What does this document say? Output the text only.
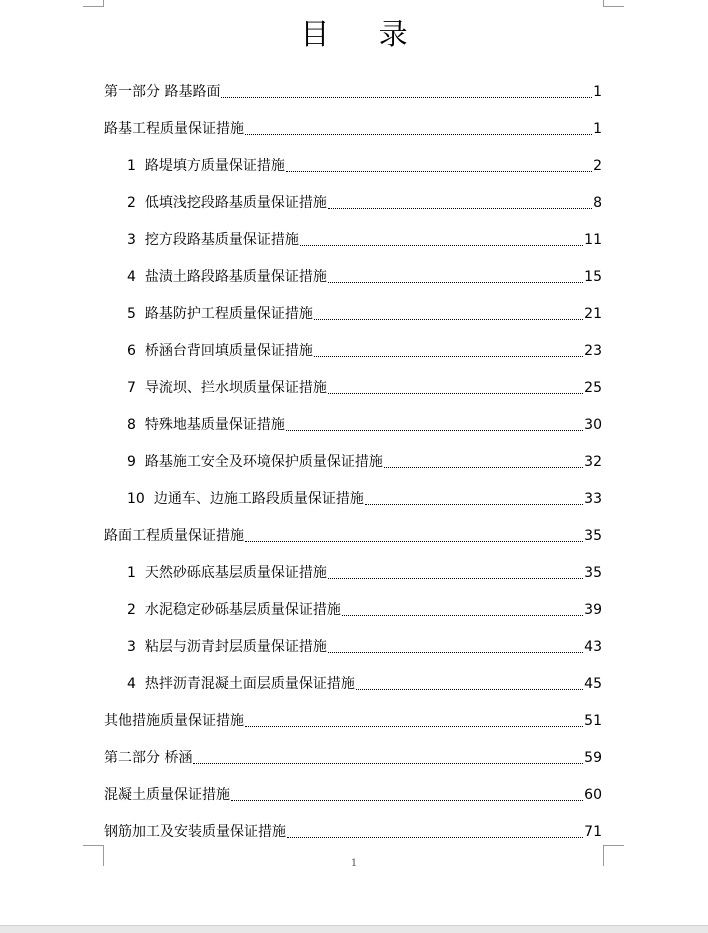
目 录
第一部分 路基路面	1
路基工程质量保证措施	1
1 路堤填方质量保证措施	2
2 低填浅挖段路基质量保证措施	8
3 挖方段路基质量保证措施	11
4 盐渍土路段路基质量保证措施	15
5 路基防护工程质量保证措施	21
6 桥涵台背回填质量保证措施	23
7 导流坝、拦水坝质量保证措施	25
8 特殊地基质量保证措施	30
9 路基施工安全及环境保护质量保证措施	32
10 边通车、边施工路段质量保证措施	33
路面工程质量保证措施	35
1 天然砂砾底基层质量保证措施	35
2 水泥稳定砂砾基层质量保证措施	39
3 粘层与沥青封层质量保证措施	43
4 热拌沥青混凝土面层质量保证措施	45
其他措施质量保证措施	51
第二部分 桥涵	59
混凝土质量保证措施	60
钢筋加工及安装质量保证措施	71
1
